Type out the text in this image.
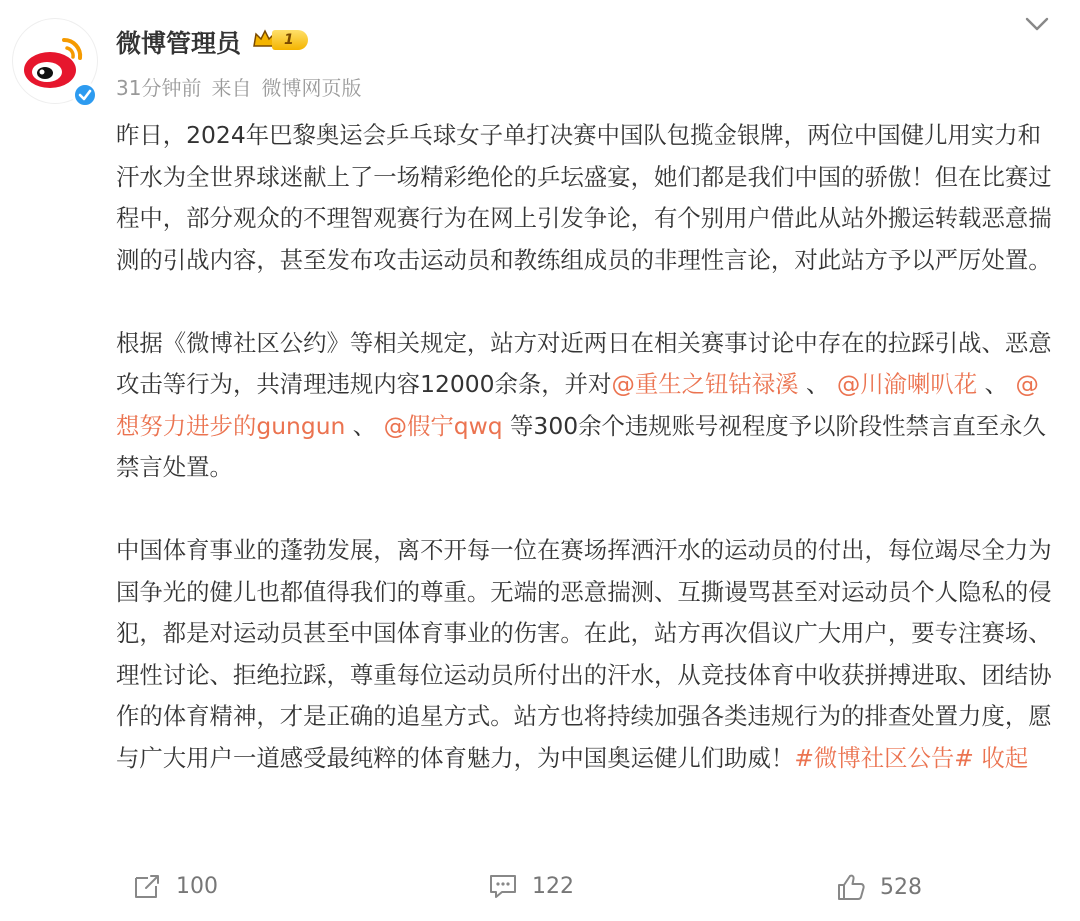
微博管理员	1
31分钟前 来自 微博网页版

昨日，2024年巴黎奥运会乒乓球女子单打决赛中国队包揽金银牌，两位中国健儿用实力和汗水为全世界球迷献上了一场精彩绝伦的乒坛盛宴，她们都是我们中国的骄傲！但在比赛过程中，部分观众的不理智观赛行为在网上引发争论，有个别用户借此从站外搬运转载恶意揣测的引战内容，甚至发布攻击运动员和教练组成员的非理性言论，对此站方予以严厉处置。

根据《微博社区公约》等相关规定，站方对近两日在相关赛事讨论中存在的拉踩引战、恶意攻击等行为，共清理违规内容12000余条，并对@重生之钮钴禄溪 、 @川渝喇叭花 、 @想努力进步的gungun 、 @假宁qwq 等300余个违规账号视程度予以阶段性禁言直至永久禁言处置。

中国体育事业的蓬勃发展，离不开每一位在赛场挥洒汗水的运动员的付出，每位竭尽全力为国争光的健儿也都值得我们的尊重。无端的恶意揣测、互撕谩骂甚至对运动员个人隐私的侵犯，都是对运动员甚至中国体育事业的伤害。在此，站方再次倡议广大用户，要专注赛场、理性讨论、拒绝拉踩，尊重每位运动员所付出的汗水，从竞技体育中收获拼搏进取、团结协作的体育精神，才是正确的追星方式。站方也将持续加强各类违规行为的排查处置力度，愿与广大用户一道感受最纯粹的体育魅力，为中国奥运健儿们助威！#微博社区公告# 收起

100	122	528
